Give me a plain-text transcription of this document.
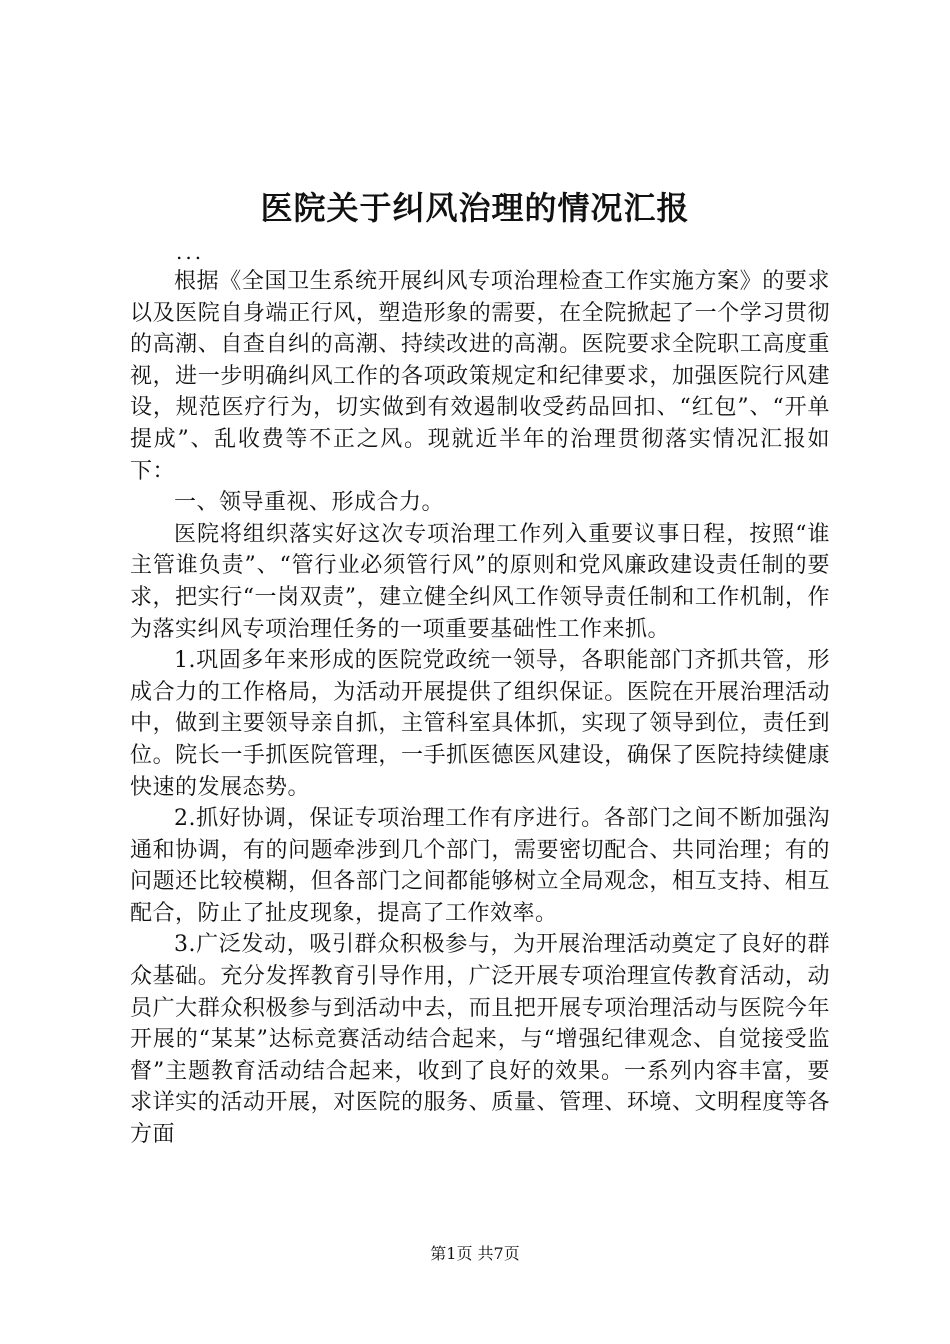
医院关于纠风治理的情况汇报

...

根据《全国卫生系统开展纠风专项治理检查工作实施方案》的要求以及医院自身端正行风，塑造形象的需要，在全院掀起了一个学习贯彻的高潮、自查自纠的高潮、持续改进的高潮。医院要求全院职工高度重视，进一步明确纠风工作的各项政策规定和纪律要求，加强医院行风建设，规范医疗行为，切实做到有效遏制收受药品回扣、“红包”、“开单提成”、乱收费等不正之风。现就近半年的治理贯彻落实情况汇报如下：

一、领导重视、形成合力。

医院将组织落实好这次专项治理工作列入重要议事日程，按照“谁主管谁负责”、“管行业必须管行风”的原则和党风廉政建设责任制的要求，把实行“一岗双责”，建立健全纠风工作领导责任制和工作机制，作为落实纠风专项治理任务的一项重要基础性工作来抓。

1.巩固多年来形成的医院党政统一领导，各职能部门齐抓共管，形成合力的工作格局，为活动开展提供了组织保证。医院在开展治理活动中，做到主要领导亲自抓，主管科室具体抓，实现了领导到位，责任到位。院长一手抓医院管理，一手抓医德医风建设，确保了医院持续健康快速的发展态势。

2.抓好协调，保证专项治理工作有序进行。各部门之间不断加强沟通和协调，有的问题牵涉到几个部门，需要密切配合、共同治理；有的问题还比较模糊，但各部门之间都能够树立全局观念，相互支持、相互配合，防止了扯皮现象，提高了工作效率。

3.广泛发动，吸引群众积极参与，为开展治理活动奠定了良好的群众基础。充分发挥教育引导作用，广泛开展专项治理宣传教育活动，动员广大群众积极参与到活动中去，而且把开展专项治理活动与医院今年开展的“某某”达标竞赛活动结合起来，与“增强纪律观念、自觉接受监督”主题教育活动结合起来，收到了良好的效果。一系列内容丰富，要求详实的活动开展，对医院的服务、质量、管理、环境、文明程度等各方面

第1页 共7页
